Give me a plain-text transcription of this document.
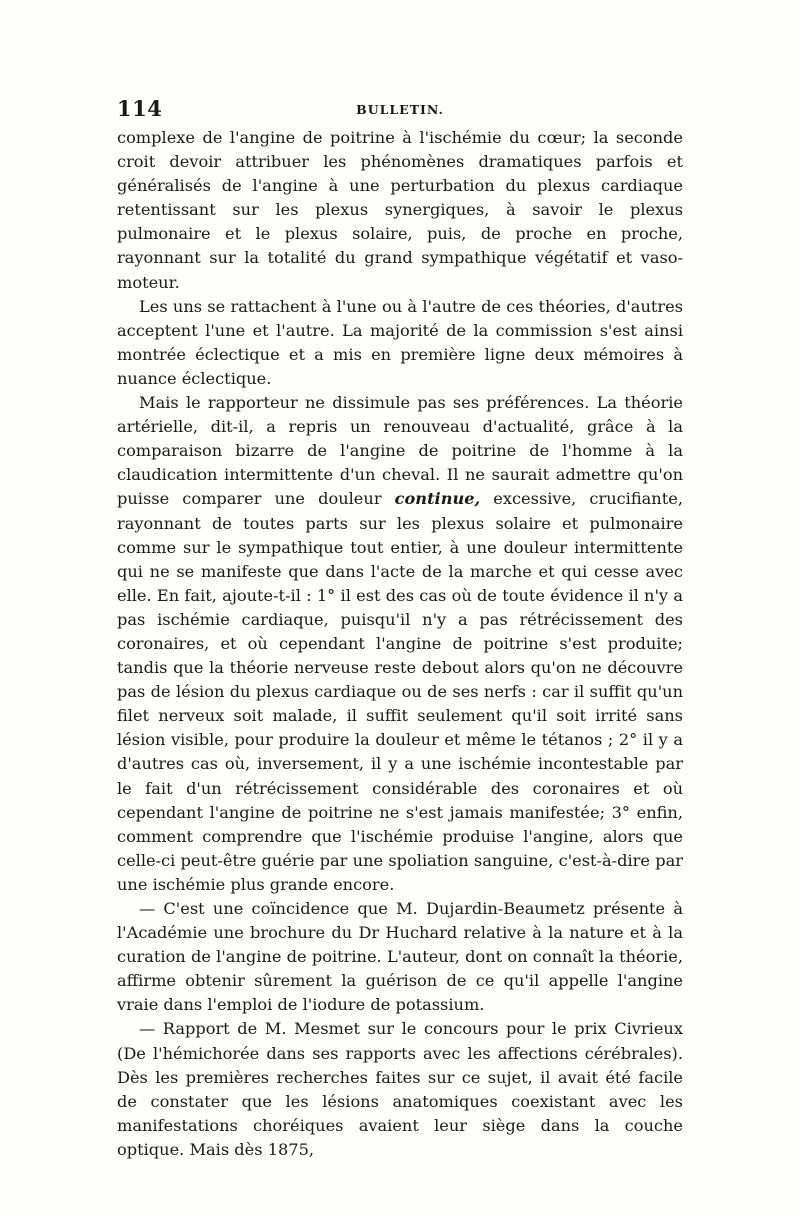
114	BULLETIN.

complexe de l'angine de poitrine à l'ischémie du cœur; la seconde croit devoir attribuer les phénomènes dramatiques parfois et généralisés de l'angine à une perturbation du plexus cardiaque retentissant sur les plexus synergiques, à savoir le plexus pulmonaire et le plexus solaire, puis, de proche en proche, rayonnant sur la totalité du grand sympathique végétatif et vaso-moteur.

Les uns se rattachent à l'une ou à l'autre de ces théories, d'autres acceptent l'une et l'autre. La majorité de la commission s'est ainsi montrée éclectique et a mis en première ligne deux mémoires à nuance éclectique.

Mais le rapporteur ne dissimule pas ses préférences. La théorie artérielle, dit-il, a repris un renouveau d'actualité, grâce à la comparaison bizarre de l'angine de poitrine de l'homme à la claudication intermittente d'un cheval. Il ne saurait admettre qu'on puisse comparer une douleur continue, excessive, crucifiante, rayonnant de toutes parts sur les plexus solaire et pulmonaire comme sur le sympathique tout entier, à une douleur intermittente qui ne se manifeste que dans l'acte de la marche et qui cesse avec elle. En fait, ajoute-t-il : 1° il est des cas où de toute évidence il n'y a pas ischémie cardiaque, puisqu'il n'y a pas rétrécissement des coronaires, et où cependant l'angine de poitrine s'est produite; tandis que la théorie nerveuse reste debout alors qu'on ne découvre pas de lésion du plexus cardiaque ou de ses nerfs : car il suffit qu'un filet nerveux soit malade, il suffit seulement qu'il soit irrité sans lésion visible, pour produire la douleur et même le tétanos ; 2° il y a d'autres cas où, inversement, il y a une ischémie incontestable par le fait d'un rétrécissement considérable des coronaires et où cependant l'angine de poitrine ne s'est jamais manifestée; 3° enfin, comment comprendre que l'ischémie produise l'angine, alors que celle-ci peut-être guérie par une spoliation sanguine, c'est-à-dire par une ischémie plus grande encore.

— C'est une coïncidence que M. Dujardin-Beaumetz présente à l'Académie une brochure du Dr Huchard relative à la nature et à la curation de l'angine de poitrine. L'auteur, dont on connaît la théorie, affirme obtenir sûrement la guérison de ce qu'il appelle l'angine vraie dans l'emploi de l'iodure de potassium.

— Rapport de M. Mesmet sur le concours pour le prix Civrieux (De l'hémichorée dans ses rapports avec les affections cérébrales). Dès les premières recherches faites sur ce sujet, il avait été facile de constater que les lésions anatomiques coexistant avec les manifestations choréiques avaient leur siège dans la couche optique. Mais dès 1875,
